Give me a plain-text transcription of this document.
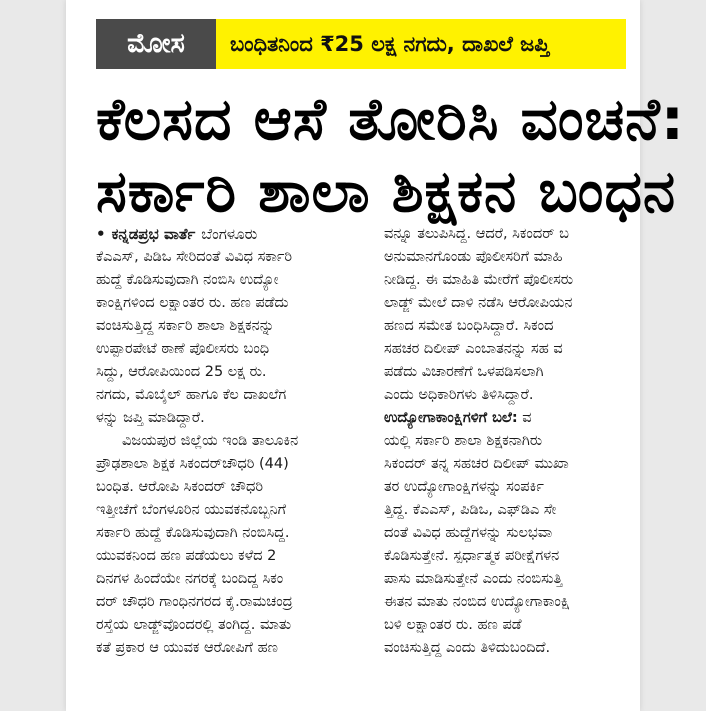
ಮೋಸ	ಬಂಧಿತನಿಂದ ₹25 ಲಕ್ಷ ನಗದು, ದಾಖಲೆ ಜಪ್ತಿ
ಕೆಲಸದ ಆಸೆ ತೋರಿಸಿ ವಂಚನೆ:
ಸರ್ಕಾರಿ ಶಾಲಾ ಶಿಕ್ಷಕನ ಬಂಧನ

• ಕನ್ನಡಪ್ರಭ ವಾರ್ತೆ ಬೆಂಗಳೂರು

ಕೆಎಎಸ್, ಪಿಡಿಒ ಸೇರಿದಂತೆ ವಿವಿಧ ಸರ್ಕಾರಿ

ಹುದ್ದೆ ಕೊಡಿಸುವುದಾಗಿ ನಂಬಿಸಿ ಉದ್ಯೋ

ಕಾಂಕ್ಷಿಗಳಿಂದ ಲಕ್ಷಾಂತರ ರು. ಹಣ ಪಡೆದು

ವಂಚಿಸುತ್ತಿದ್ದ ಸರ್ಕಾರಿ ಶಾಲಾ ಶಿಕ್ಷಕನನ್ನು

ಉಪ್ಪಾರಪೇಟೆ ಠಾಣೆ ಪೊಲೀಸರು ಬಂಧಿ

ಸಿದ್ದು, ಆರೋಪಿಯಿಂದ 25 ಲಕ್ಷ ರು.

ನಗದು, ಮೊಬೈಲ್ ಹಾಗೂ ಕೆಲ ದಾಖಲೆಗ

ಳನ್ನು ಜಪ್ತಿ ಮಾಡಿದ್ದಾರೆ.

ವಿಜಯಪುರ ಜಿಲ್ಲೆಯ ಇಂಡಿ ತಾಲೂಕಿನ

ಪ್ರೌಢಶಾಲಾ ಶಿಕ್ಷಕ ಸಿಕಂದರ್‌ಚೌಧರಿ (44)

ಬಂಧಿತ. ಆರೋಪಿ ಸಿಕಂದರ್ ಚೌಧರಿ

ಇತ್ತೀಚೆಗೆ ಬೆಂಗಳೂರಿನ ಯುವಕನೊಬ್ಬನಿಗೆ

ಸರ್ಕಾರಿ ಹುದ್ದೆ ಕೊಡಿಸುವುದಾಗಿ ನಂಬಿಸಿದ್ದ.

ಯುವಕನಿಂದ ಹಣ ಪಡೆಯಲು ಕಳೆದ 2

ದಿನಗಳ ಹಿಂದೆಯೇ ನಗರಕ್ಕೆ ಬಂದಿದ್ದ ಸಿಕಂ

ದರ್ ಚೌಧರಿ ಗಾಂಧಿನಗರದ ಕೈ.ರಾಮಚಂದ್ರ

ರಸ್ತೆಯ ಲಾಡ್ಜ್‌ವೊಂದರಲ್ಲಿ ತಂಗಿದ್ದ. ಮಾತು

ಕತೆ ಪ್ರಕಾರ ಆ ಯುವಕ ಆರೋಪಿಗೆ ಹಣ

ವನ್ನೂ ತಲುಪಿಸಿದ್ದ. ಆದರೆ, ಸಿಕಂದರ್ ಬ

ಅನುಮಾನಗೊಂಡು ಪೊಲೀಸರಿಗೆ ಮಾಹಿ

ನೀಡಿದ್ದ. ಈ ಮಾಹಿತಿ ಮೇರೆಗೆ ಪೊಲೀಸರು

ಲಾಡ್ಜ್ ಮೇಲೆ ದಾಳಿ ನಡೆಸಿ ಆರೋಪಿಯನ

ಹಣದ ಸಮೇತ ಬಂಧಿಸಿದ್ದಾರೆ. ಸಿಕಂದ

ಸಹಚರ ದಿಲೀಪ್ ಎಂಬಾತನನ್ನು ಸಹ ವ

ಪಡೆದು ವಿಚಾರಣೆಗೆ ಒಳಪಡಿಸಲಾಗಿ

ಎಂದು ಅಧಿಕಾರಿಗಳು ತಿಳಿಸಿದ್ದಾರೆ.

ಉದ್ಯೋಗಾಕಾಂಕ್ಷಿಗಳಿಗೆ ಬಲೆ: ವ

ಯಲ್ಲಿ ಸರ್ಕಾರಿ ಶಾಲಾ ಶಿಕ್ಷಕನಾಗಿರು

ಸಿಕಂದರ್ ತನ್ನ ಸಹಚರ ದಿಲೀಪ್ ಮುಖಾ

ತರ ಉದ್ಯೋಗಾಂಕ್ಷಿಗಳನ್ನು ಸಂಪರ್ಕಿ

ತ್ತಿದ್ದ. ಕೆಎಎಸ್, ಪಿಡಿಒ, ಎಫ್‌ಡಿಎ ಸೇ

ದಂತೆ ವಿವಿಧ ಹುದ್ದೆಗಳನ್ನು ಸುಲಭವಾ

ಕೊಡಿಸುತ್ತೇನೆ. ಸ್ಪರ್ಧಾತ್ಮಕ ಪರೀಕ್ಷೆಗಳನ

ಪಾಸು ಮಾಡಿಸುತ್ತೇನೆ ಎಂದು ನಂಬಿಸುತ್ತಿ

ಈತನ ಮಾತು ನಂಬಿದ ಉದ್ಯೋಗಾಕಾಂಕ್ಷಿ

ಬಳಿ ಲಕ್ಷಾಂತರ ರು. ಹಣ ಪಡೆ

ವಂಚಿಸುತ್ತಿದ್ದ ಎಂದು ತಿಳಿದುಬಂದಿದೆ.
